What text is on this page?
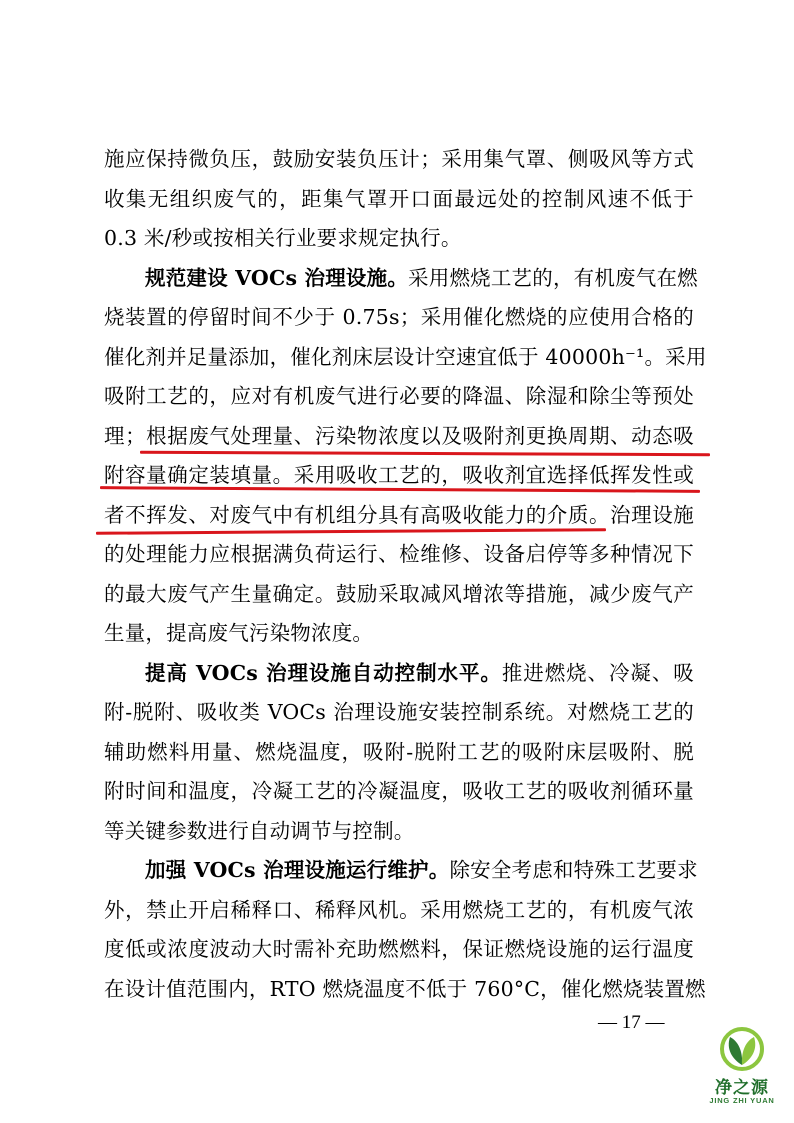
施应保持微负压，鼓励安装负压计；采用集气罩、侧吸风等方式
收集无组织废气的，距集气罩开口面最远处的控制风速不低于
0.3 米/秒或按相关行业要求规定执行。
规范建设 VOCs 治理设施。采用燃烧工艺的，有机废气在燃
烧装置的停留时间不少于 0.75s；采用催化燃烧的应使用合格的
催化剂并足量添加，催化剂床层设计空速宜低于 40000h⁻¹。采用
吸附工艺的，应对有机废气进行必要的降温、除湿和除尘等预处
理；根据废气处理量、污染物浓度以及吸附剂更换周期、动态吸
附容量确定装填量。采用吸收工艺的，吸收剂宜选择低挥发性或
者不挥发、对废气中有机组分具有高吸收能力的介质。治理设施
的处理能力应根据满负荷运行、检维修、设备启停等多种情况下
的最大废气产生量确定。鼓励采取减风增浓等措施，减少废气产
生量，提高废气污染物浓度。
提高 VOCs 治理设施自动控制水平。推进燃烧、冷凝、吸
附-脱附、吸收类 VOCs 治理设施安装控制系统。对燃烧工艺的
辅助燃料用量、燃烧温度，吸附-脱附工艺的吸附床层吸附、脱
附时间和温度，冷凝工艺的冷凝温度，吸收工艺的吸收剂循环量
等关键参数进行自动调节与控制。
加强 VOCs 治理设施运行维护。除安全考虑和特殊工艺要求
外，禁止开启稀释口、稀释风机。采用燃烧工艺的，有机废气浓
度低或浓度波动大时需补充助燃燃料，保证燃烧设施的运行温度
在设计值范围内，RTO 燃烧温度不低于 760°C，催化燃烧装置燃
— 17 —
净之源
JING ZHI YUAN
